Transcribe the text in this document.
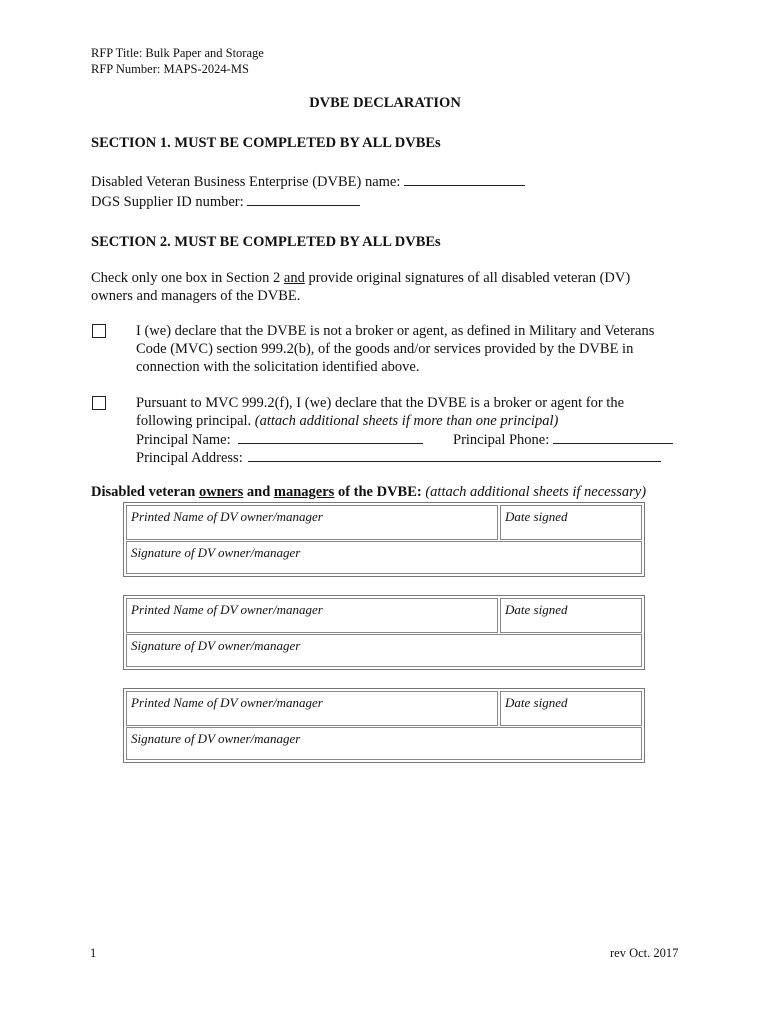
RFP Title: Bulk Paper and Storage
RFP Number: MAPS-2024-MS
DVBE DECLARATION
SECTION 1. MUST BE COMPLETED BY ALL DVBEs
Disabled Veteran Business Enterprise (DVBE) name:
DGS Supplier ID number:
SECTION 2. MUST BE COMPLETED BY ALL DVBEs
Check only one box in Section 2 and provide original signatures of all disabled veteran (DV)
owners and managers of the DVBE.
I (we) declare that the DVBE is not a broker or agent, as defined in Military and Veterans
Code (MVC) section 999.2(b), of the goods and/or services provided by the DVBE in
connection with the solicitation identified above.
Pursuant to MVC 999.2(f), I (we) declare that the DVBE is a broker or agent for the
following principal. (attach additional sheets if more than one principal)
Principal Name:	Principal Phone:
Principal Address:
Disabled veteran owners and managers of the DVBE: (attach additional sheets if necessary)
Printed Name of DV owner/manager	Date signed
Signature of DV owner/manager
Printed Name of DV owner/manager	Date signed
Signature of DV owner/manager
Printed Name of DV owner/manager	Date signed
Signature of DV owner/manager
1	rev Oct. 2017
